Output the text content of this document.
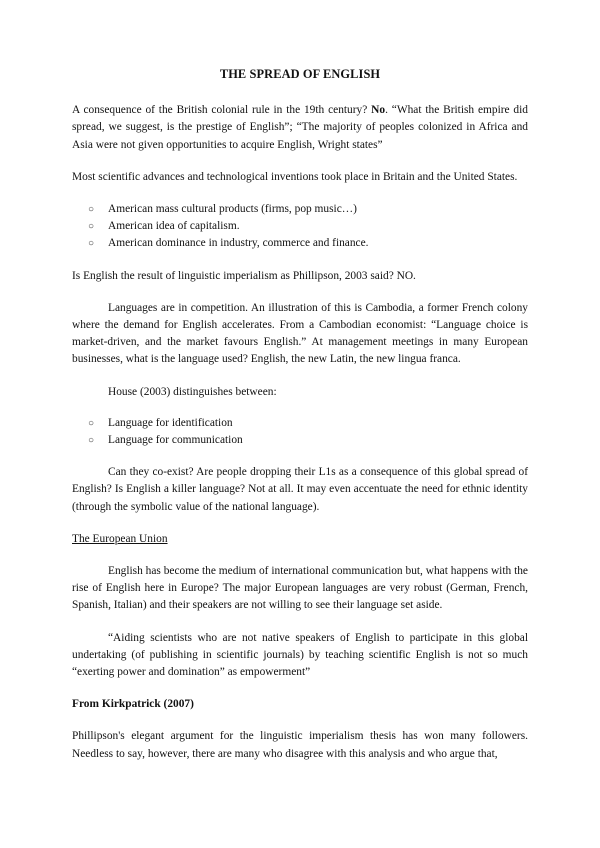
THE SPREAD OF ENGLISH

A consequence of the British colonial rule in the 19th century? No. “What the British empire did spread, we suggest, is the prestige of English”; “The majority of peoples colonized in Africa and Asia were not given opportunities to acquire English, Wright states”

Most scientific advances and technological inventions took place in Britain and the United States.

○ American mass cultural products (firms, pop music…)
○ American idea of capitalism.
○ American dominance in industry, commerce and finance.

Is English the result of linguistic imperialism as Phillipson, 2003 said? NO.

Languages are in competition. An illustration of this is Cambodia, a former French colony where the demand for English accelerates. From a Cambodian economist: “Language choice is market-driven, and the market favours English.” At management meetings in many European businesses, what is the language used? English, the new Latin, the new lingua franca.

House (2003) distinguishes between:

○ Language for identification
○ Language for communication

Can they co-exist? Are people dropping their L1s as a consequence of this global spread of English? Is English a killer language? Not at all. It may even accentuate the need for ethnic identity (through the symbolic value of the national language).

The European Union

English has become the medium of international communication but, what happens with the rise of English here in Europe? The major European languages are very robust (German, French, Spanish, Italian) and their speakers are not willing to see their language set aside.

“Aiding scientists who are not native speakers of English to participate in this global undertaking (of publishing in scientific journals) by teaching scientific English is not so much “exerting power and domination” as empowerment”

From Kirkpatrick (2007)

Phillipson's elegant argument for the linguistic imperialism thesis has won many followers. Needless to say, however, there are many who disagree with this analysis and who argue that,
